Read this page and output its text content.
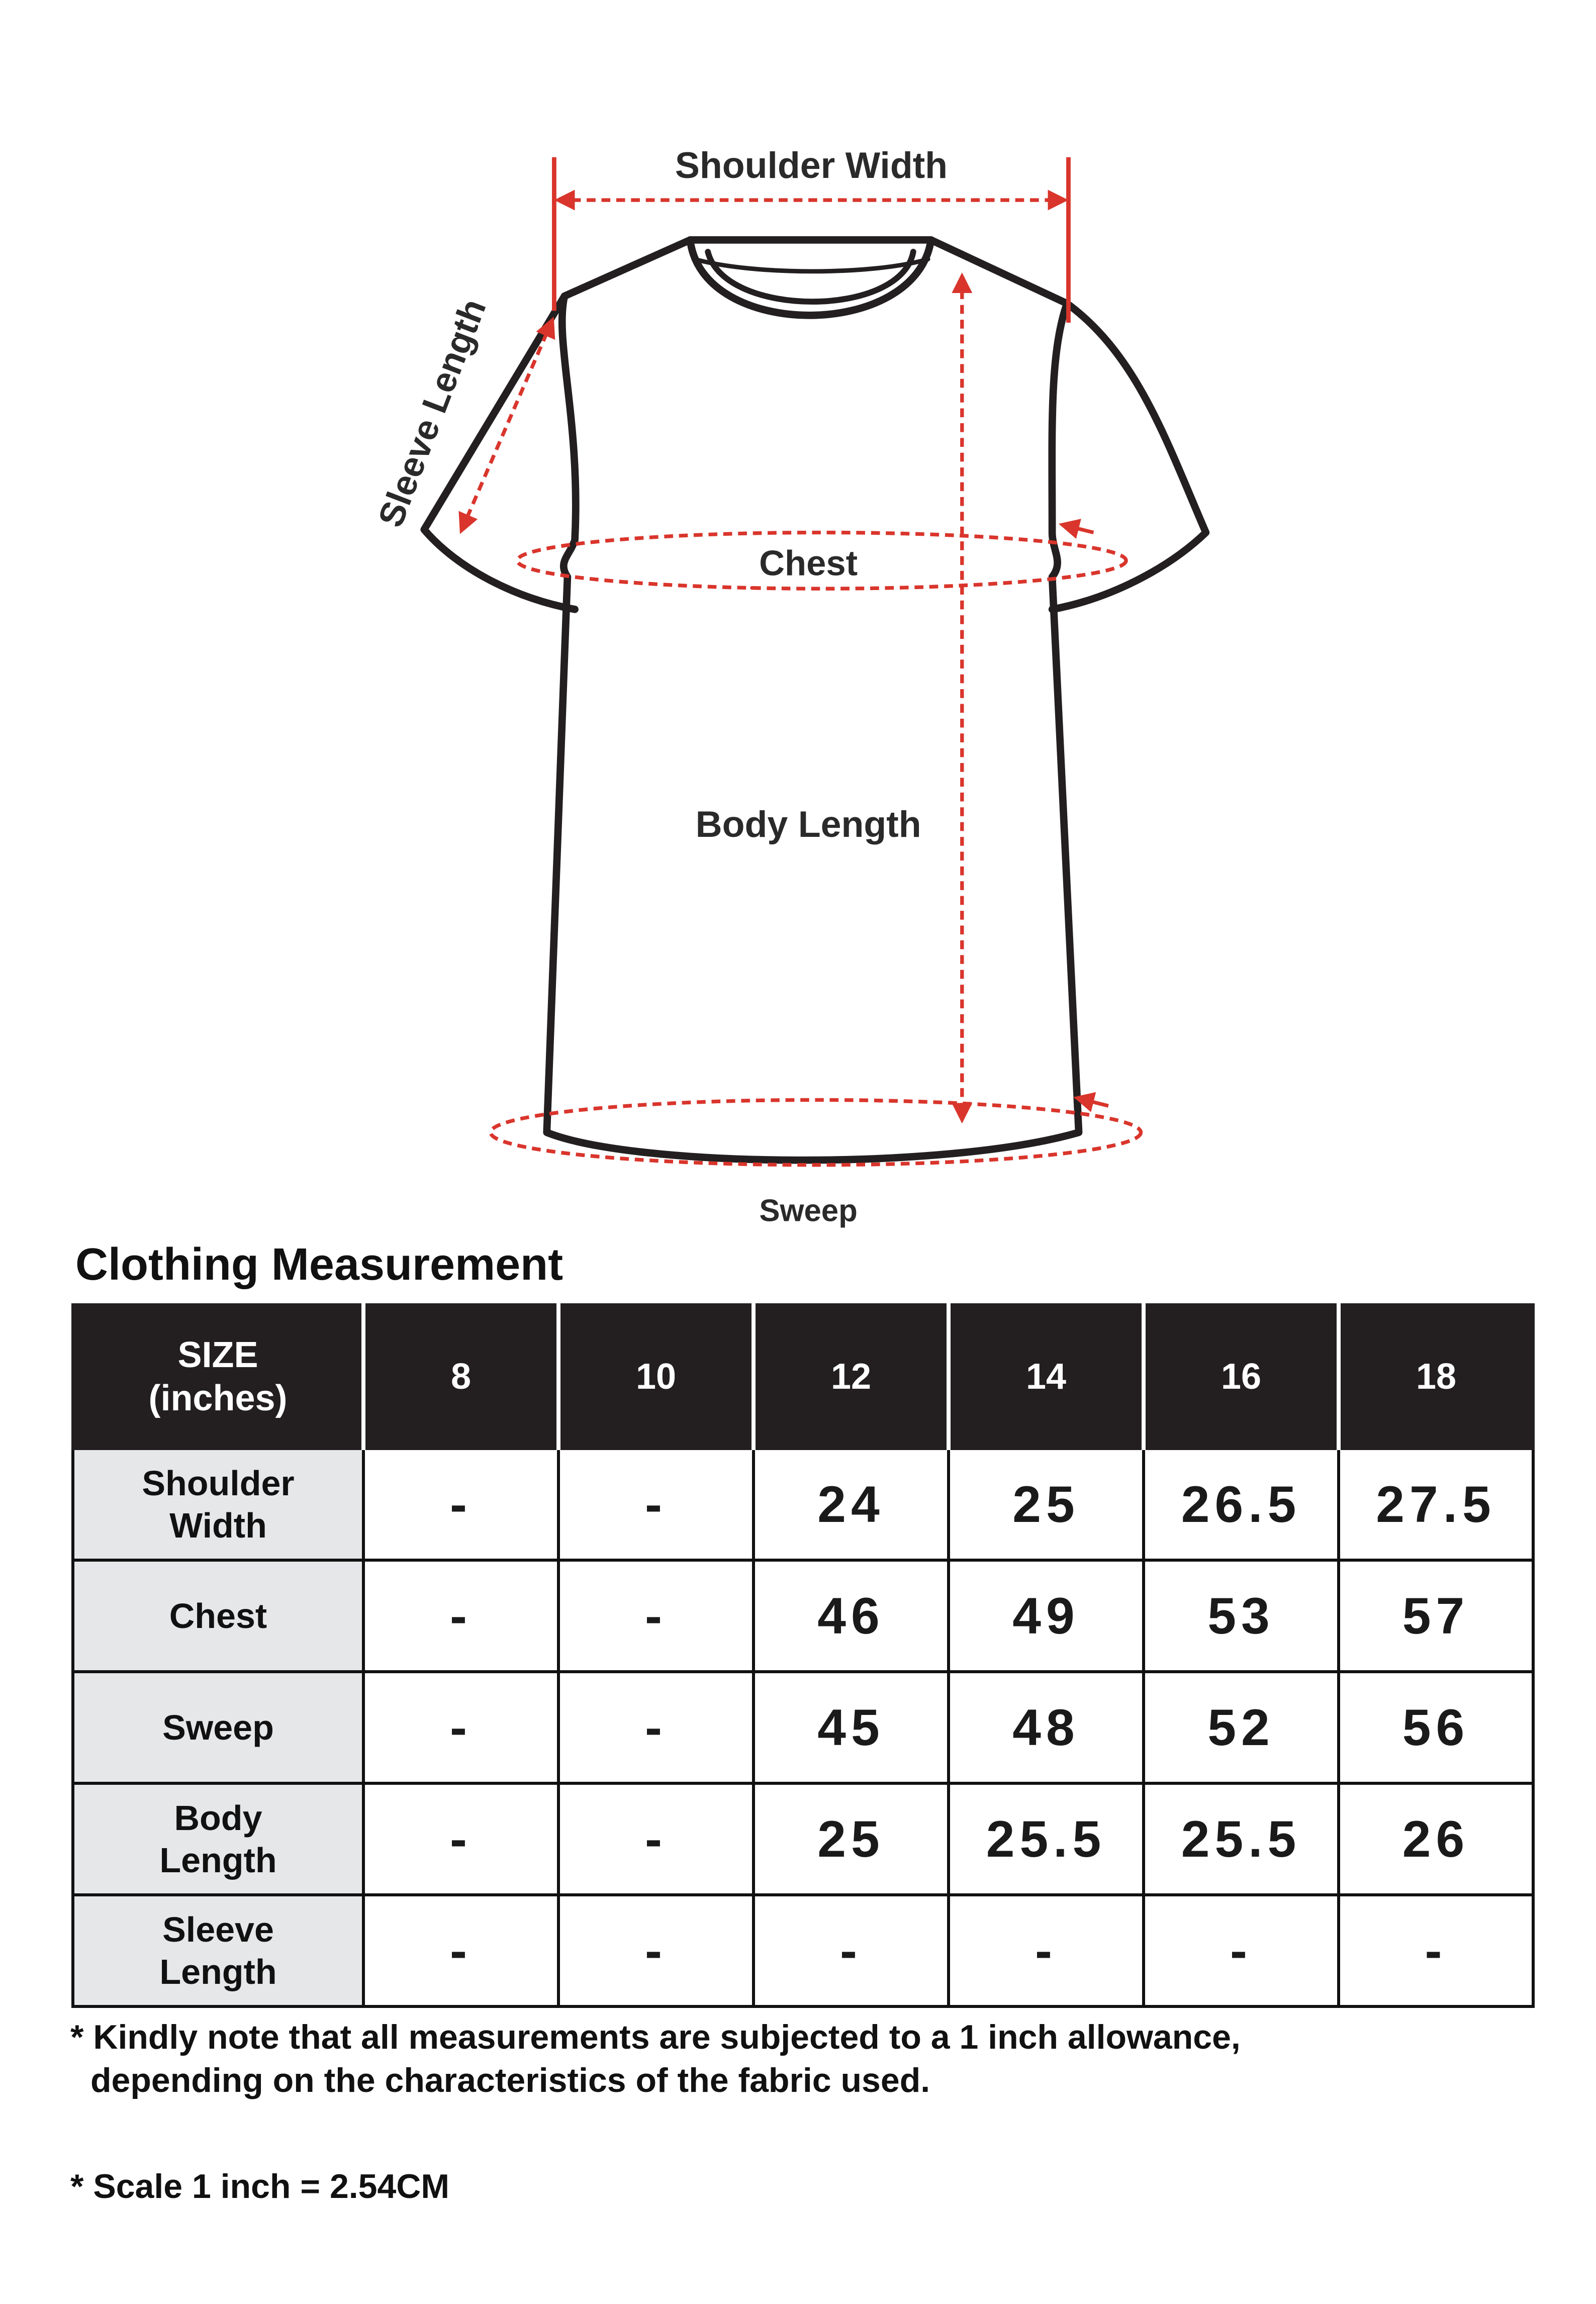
Shoulder Width
Sleeve Length
Chest
Body Length
Sweep
Clothing Measurement
SIZE
(inches)	8	10	12	14	16	18

Shoulder
Width	-	-	24	25	26.5	27.5

Chest	-	-	46	49	53	57

Sweep	-	-	45	48	52	56

Body
Length	-	-	25	25.5	25.5	26

Sleeve
Length	-	-	-	-	-	-
* Kindly note that all measurements are subjected to a 1 inch allowance,
depending on the characteristics of the fabric used.
* Scale 1 inch = 2.54CM
